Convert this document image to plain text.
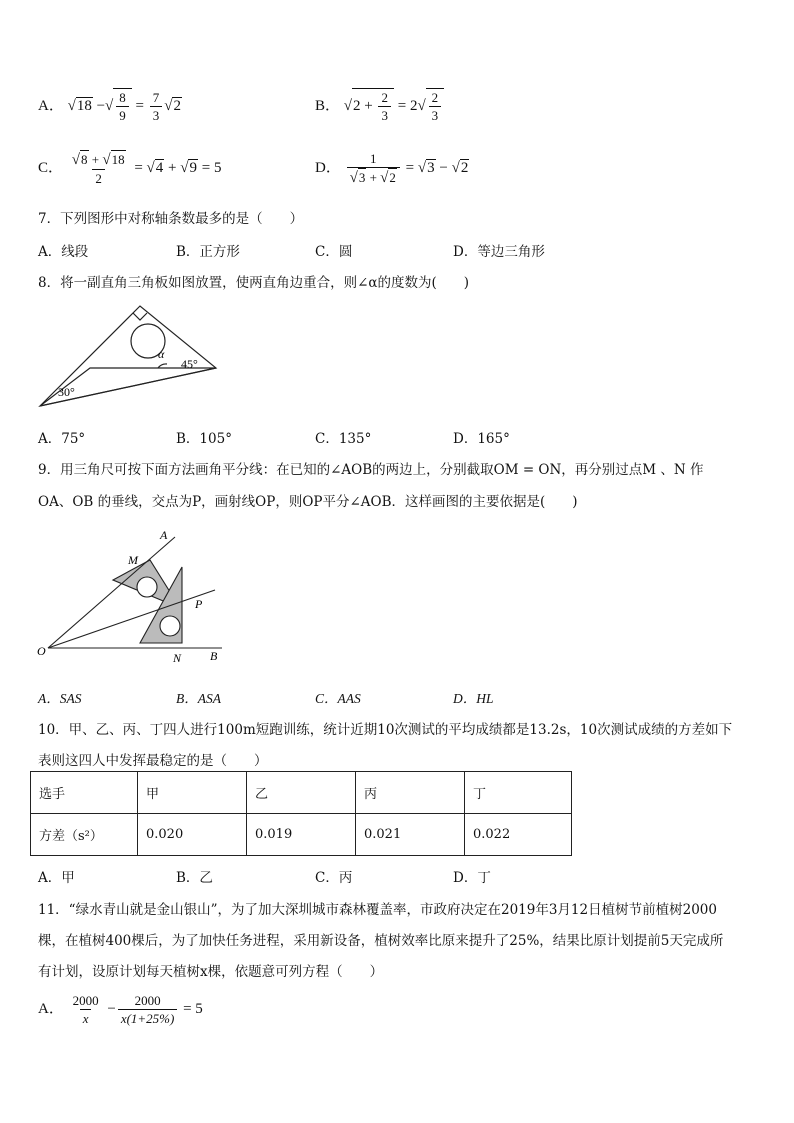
A． √18 −√ $\frac{8}{9} = \frac{7}{3} √2$	B． $√2 + \frac{2}{3} = 2√ \frac{2}{3}$
C． $\frac{√8 + √18}{2} = √4 + √9 = 5$	D． $\frac{1}{√3 + √2} = √3 - √2$
7．下列图形中对称轴条数最多的是（　　）
A．线段	B．正方形	C．圆	D．等边三角形
8．将一副直角三角板如图放置，使两直角边重合，则∠α的度数为(　　)
α
45°
30°
A．75°	B．105°	C．135°	D．165°
9．用三角尺可按下面方法画角平分线：在已知的∠AOB的两边上，分别截取OM = ON，再分别过点M 、N 作
OA、OB 的垂线，交点为P，画射线OP，则OP平分∠AOB．这样画图的主要依据是(　　)
A
M
P
O	N B
A．SAS	B．ASA	C．AAS	D．HL
10．甲、乙、丙、丁四人进行100m短跑训练，统计近期10次测试的平均成绩都是13.2s，10次测试成绩的方差如下
表则这四人中发挥最稳定的是（　　）
选手	甲	乙	丙	丁
方差（s²）	0.020	0.019	0.021	0.022
A．甲	B．乙	C．丙	D．丁
11．“绿水青山就是金山银山”，为了加大深圳城市森林覆盖率，市政府决定在2019年3月12日植树节前植树2000
棵，在植树400棵后，为了加快任务进程，采用新设备，植树效率比原来提升了25%，结果比原计划提前5天完成所
有计划，设原计划每天植树x棵，依题意可列方程（　　）
A． $\frac{2000}{x} - \frac{2000}{x(1+25\%)} = 5$
